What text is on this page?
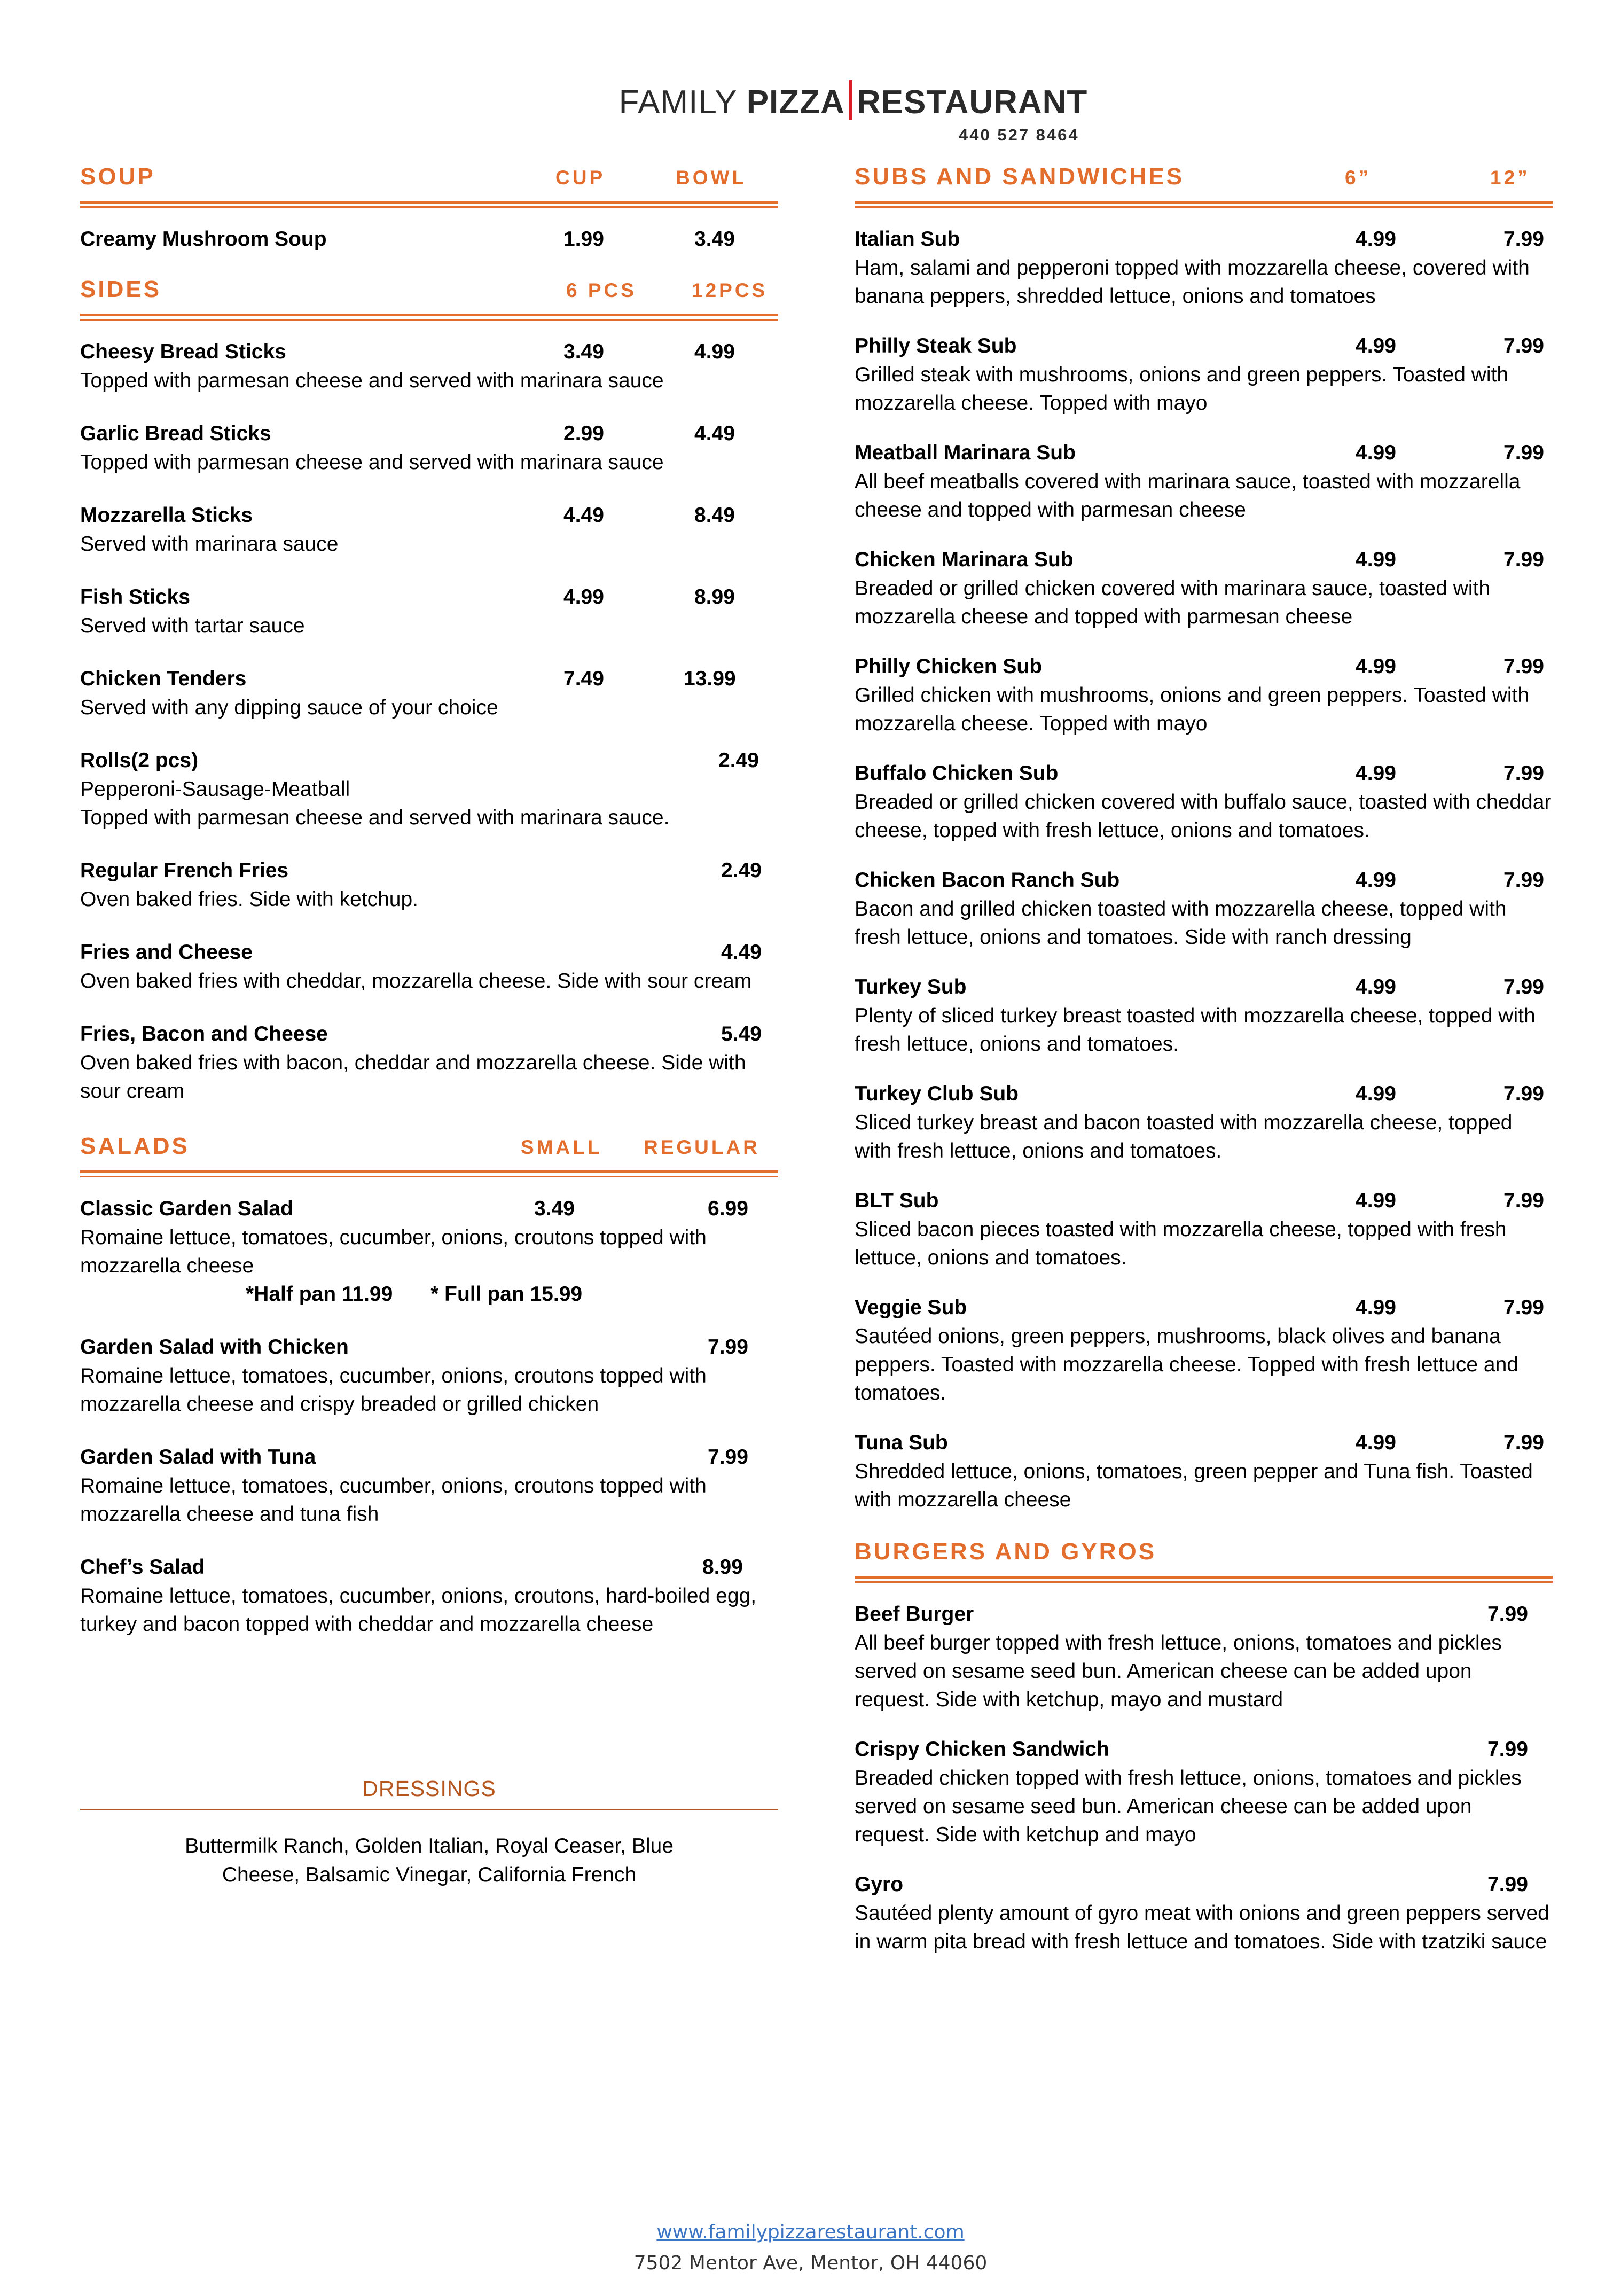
FAMILY PIZZA RESTAURANT
440 527 8464
SOUP	CUP	BOWL
Creamy Mushroom Soup	1.99	3.49
SIDES	6 PCS	12PCS
Cheesy Bread Sticks	3.49	4.99
Topped with parmesan cheese and served with marinara sauce
Garlic Bread Sticks	2.99	4.49
Topped with parmesan cheese and served with marinara sauce
Mozzarella Sticks	4.49	8.49
Served with marinara sauce
Fish Sticks	4.99	8.99
Served with tartar sauce
Chicken Tenders	7.49	13.99
Served with any dipping sauce of your choice
Rolls(2 pcs)	2.49
Pepperoni-Sausage-Meatball
Topped with parmesan cheese and served with marinara sauce.
Regular French Fries	2.49
Oven baked fries. Side with ketchup.
Fries and Cheese	4.49
Oven baked fries with cheddar, mozzarella cheese. Side with sour cream
Fries, Bacon and Cheese	5.49
Oven baked fries with bacon, cheddar and mozzarella cheese. Side with sour cream
SALADS	SMALL REGULAR
Classic Garden Salad	3.49	6.99
Romaine lettuce, tomatoes, cucumber, onions, croutons topped with mozzarella cheese
*Half pan 11.99 * Full pan 15.99
Garden Salad with Chicken	7.99
Romaine lettuce, tomatoes, cucumber, onions, croutons topped with mozzarella cheese and crispy breaded or grilled chicken
Garden Salad with Tuna	7.99
Romaine lettuce, tomatoes, cucumber, onions, croutons topped with mozzarella cheese and tuna fish
Chef’s Salad	8.99
Romaine lettuce, tomatoes, cucumber, onions, croutons, hard-boiled egg, turkey and bacon topped with cheddar and mozzarella cheese
DRESSINGS
Buttermilk Ranch, Golden Italian, Royal Ceaser, Blue Cheese, Balsamic Vinegar, California French
SUBS AND SANDWICHES	6”	12”
Italian Sub	4.99	7.99
Ham, salami and pepperoni topped with mozzarella cheese, covered with banana peppers, shredded lettuce, onions and tomatoes
Philly Steak Sub	4.99	7.99
Grilled steak with mushrooms, onions and green peppers. Toasted with mozzarella cheese. Topped with mayo
Meatball Marinara Sub	4.99	7.99
All beef meatballs covered with marinara sauce, toasted with mozzarella cheese and topped with parmesan cheese
Chicken Marinara Sub	4.99	7.99
Breaded or grilled chicken covered with marinara sauce, toasted with mozzarella cheese and topped with parmesan cheese
Philly Chicken Sub	4.99	7.99
Grilled chicken with mushrooms, onions and green peppers. Toasted with mozzarella cheese. Topped with mayo
Buffalo Chicken Sub	4.99	7.99
Breaded or grilled chicken covered with buffalo sauce, toasted with cheddar cheese, topped with fresh lettuce, onions and tomatoes.
Chicken Bacon Ranch Sub	4.99	7.99
Bacon and grilled chicken toasted with mozzarella cheese, topped with fresh lettuce, onions and tomatoes. Side with ranch dressing
Turkey Sub	4.99	7.99
Plenty of sliced turkey breast toasted with mozzarella cheese, topped with fresh lettuce, onions and tomatoes.
Turkey Club Sub	4.99	7.99
Sliced turkey breast and bacon toasted with mozzarella cheese, topped with fresh lettuce, onions and tomatoes.
BLT Sub	4.99	7.99
Sliced bacon pieces toasted with mozzarella cheese, topped with fresh lettuce, onions and tomatoes.
Veggie Sub	4.99	7.99
Sautéed onions, green peppers, mushrooms, black olives and banana peppers. Toasted with mozzarella cheese. Topped with fresh lettuce and tomatoes.
Tuna Sub	4.99	7.99
Shredded lettuce, onions, tomatoes, green pepper and Tuna fish. Toasted with mozzarella cheese
BURGERS AND GYROS
Beef Burger	7.99
All beef burger topped with fresh lettuce, onions, tomatoes and pickles served on sesame seed bun. American cheese can be added upon request. Side with ketchup, mayo and mustard
Crispy Chicken Sandwich	7.99
Breaded chicken topped with fresh lettuce, onions, tomatoes and pickles served on sesame seed bun. American cheese can be added upon request. Side with ketchup and mayo
Gyro	7.99
Sautéed plenty amount of gyro meat with onions and green peppers served in warm pita bread with fresh lettuce and tomatoes. Side with tzatziki sauce
www.familypizzarestaurant.com
7502 Mentor Ave, Mentor, OH 44060
